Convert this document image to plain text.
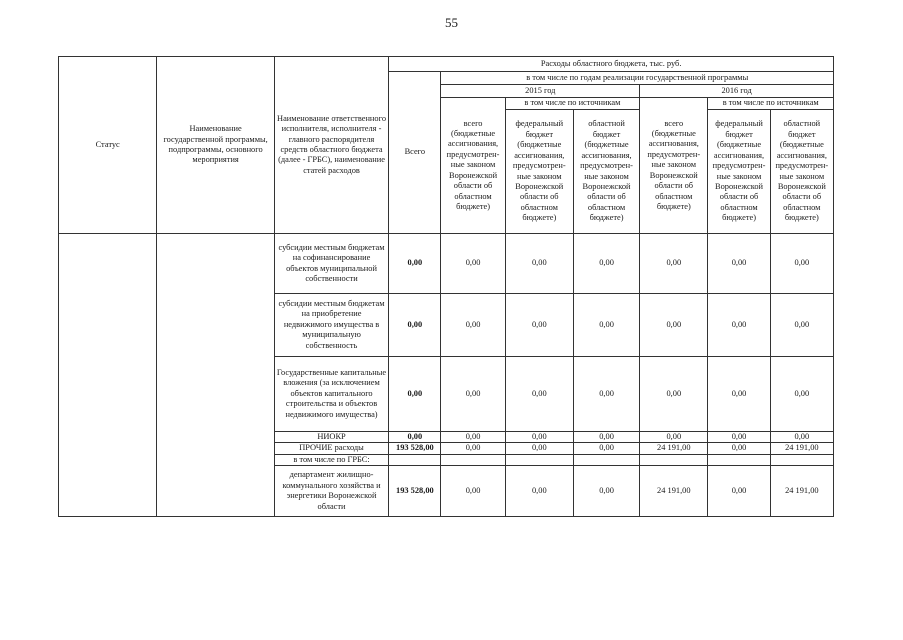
55
Статус	Наименование государственной программы, подпрограммы, основного мероприятия	Наименование ответственного исполнителя, исполнителя - главного распорядителя средств областного бюджета (далее - ГРБС), наименование статей расходов	Расходы областного бюджета, тыс. руб.						
			Всего	в том числе по годам реализации государственной программы					
				2015 год			2016 год		
				всего (бюджетные ассигнования, предусмотрен-ные законом Воронежской области об областном бюджете)	в том числе по источникам		всего (бюджетные ассигнования, предусмотрен-ные законом Воронежской области об областном бюджете)	в том числе по источникам	
					федеральный бюджет (бюджетные ассигнования, предусмотрен-ные законом Воронежской области об областном бюджете)	областной бюджет (бюджетные ассигнования, предусмотрен-ные законом Воронежской области об областном бюджете)		федеральный бюджет (бюджетные ассигнования, предусмотрен-ные законом Воронежской области об областном бюджете)	областной бюджет (бюджетные ассигнования, предусмотрен-ные законом Воронежской области об областном бюджете)
		субсидии местным бюджетам на софинансирование объектов муниципальной собственности	0,00	0,00	0,00	0,00	0,00	0,00	0,00
		субсидии местным бюджетам на приобретение недвижимого имущества в муниципальную собственность	0,00	0,00	0,00	0,00	0,00	0,00	0,00
		Государственные капитальные вложения (за исключением объектов капитального строительства и объектов недвижимого имущества)	0,00	0,00	0,00	0,00	0,00	0,00	0,00
		НИОКР	0,00	0,00	0,00	0,00	0,00	0,00	0,00
		ПРОЧИЕ расходы	193 528,00	0,00	0,00	0,00	24 191,00	0,00	24 191,00
		в том числе по ГРБС:							
		департамент жилищно-коммунального хозяйства и энергетики Воронежской области	193 528,00	0,00	0,00	0,00	24 191,00	0,00	24 191,00
